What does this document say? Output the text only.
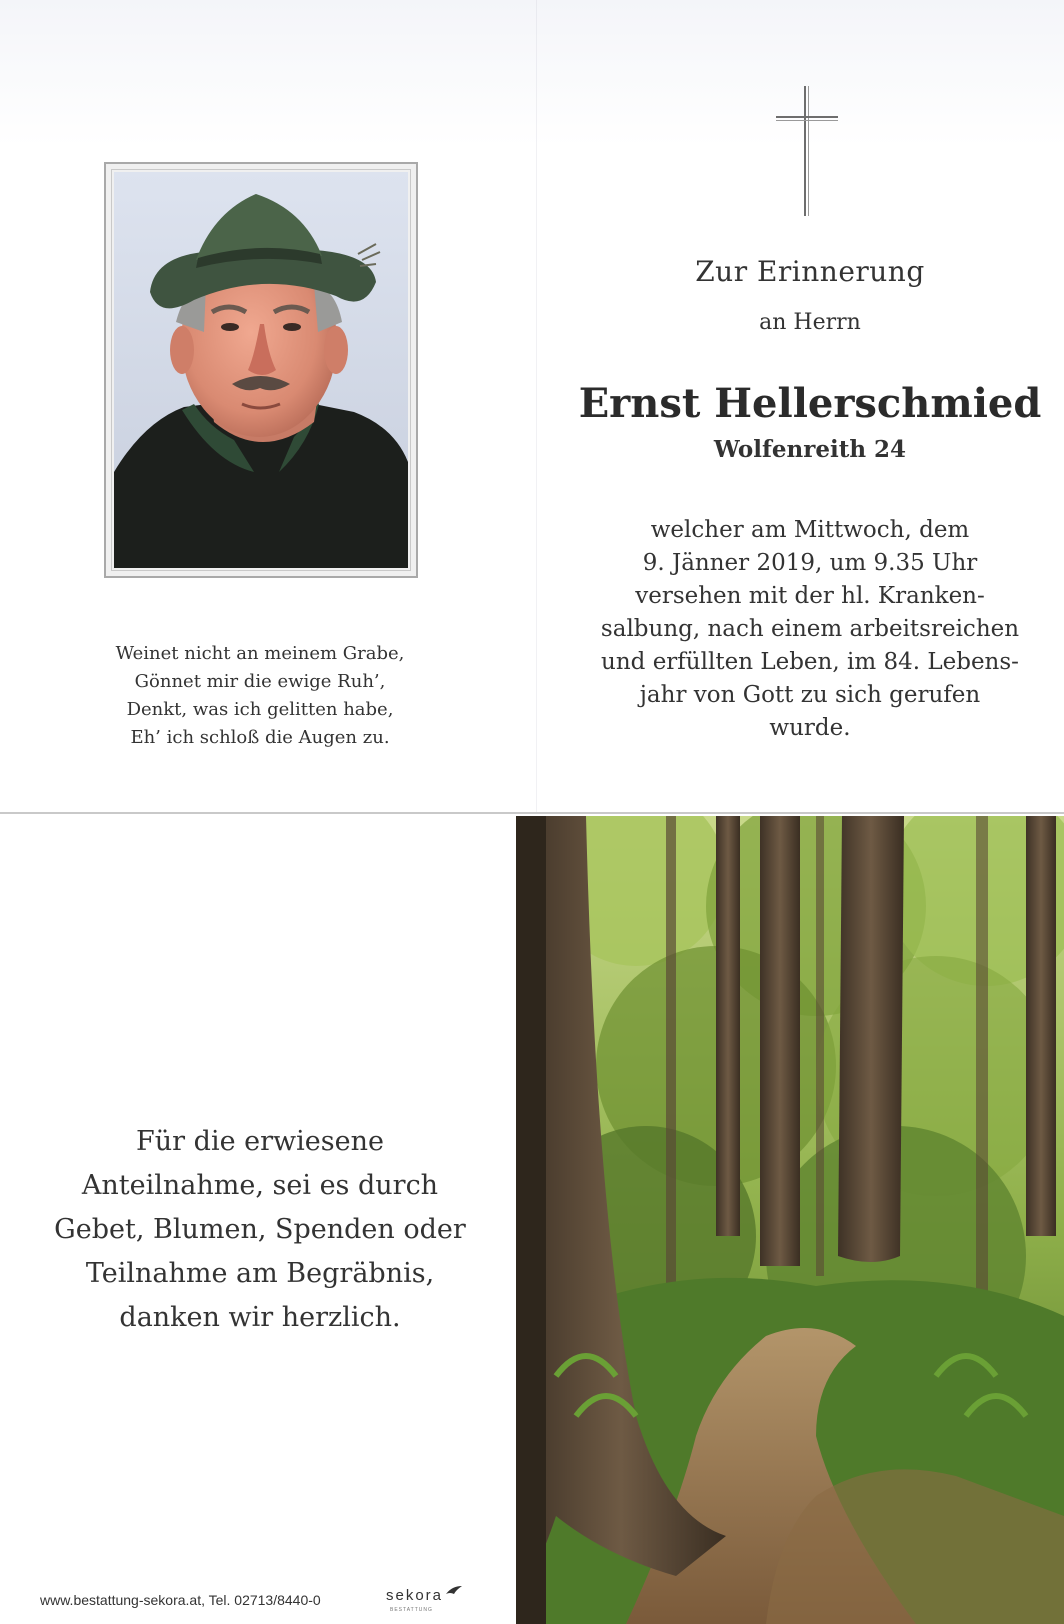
Weinet nicht an meinem Grabe,
Gönnet mir die ewige Ruh’,
Denkt, was ich gelitten habe,
Eh’ ich schloß die Augen zu.
Zur Erinnerung
an Herrn
Ernst Hellerschmied
Wolfenreith 24
welcher am Mittwoch, dem
9. Jänner 2019, um 9.35 Uhr
versehen mit der hl. Kranken-
salbung, nach einem arbeitsreichen
und erfüllten Leben, im 84. Lebens-
jahr von Gott zu sich gerufen
wurde.
Für die erwiesene
Anteilnahme, sei es durch
Gebet, Blumen, Spenden oder
Teilnahme am Begräbnis,
danken wir herzlich.
www.bestattung-sekora.at, Tel. 02713/8440-0	sekora
BESTATTUNG
